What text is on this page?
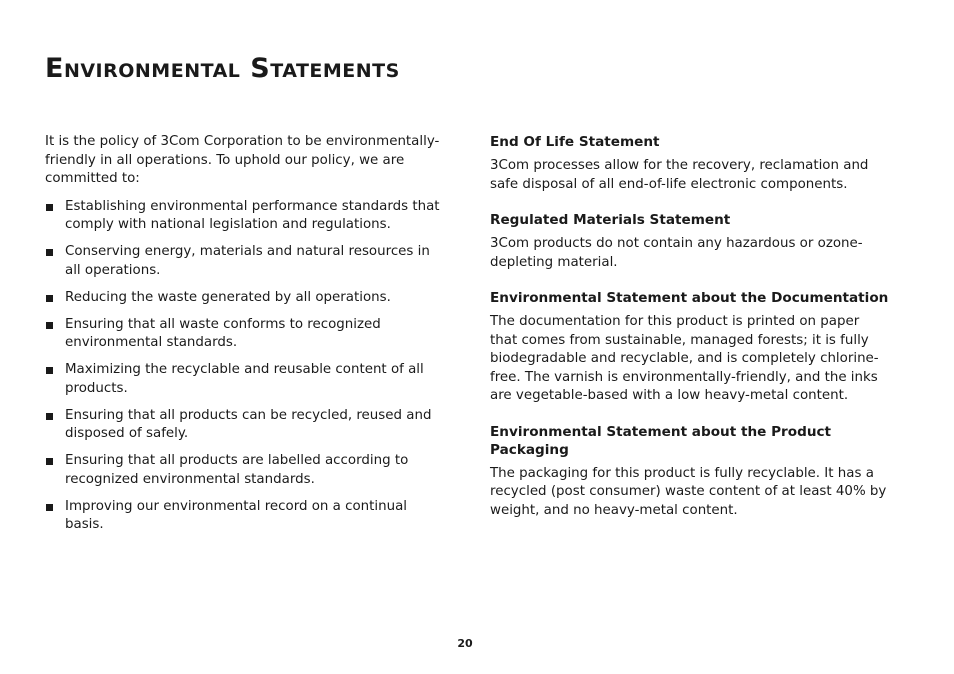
Environmental Statements

It is the policy of 3Com Corporation to be environmentally-friendly in all operations. To uphold our policy, we are committed to:

Establishing environmental performance standards that comply with national legislation and regulations.
Conserving energy, materials and natural resources in all operations.
Reducing the waste generated by all operations.
Ensuring that all waste conforms to recognized environmental standards.
Maximizing the recyclable and reusable content of all products.
Ensuring that all products can be recycled, reused and disposed of safely.
Ensuring that all products are labelled according to recognized environmental standards.
Improving our environmental record on a continual basis.
End Of Life Statement

3Com processes allow for the recovery, reclamation and safe disposal of all end-of-life electronic components.

Regulated Materials Statement

3Com products do not contain any hazardous or ozone-depleting material.

Environmental Statement about the Documentation

The documentation for this product is printed on paper that comes from sustainable, managed forests; it is fully biodegradable and recyclable, and is completely chlorine-free. The varnish is environmentally-friendly, and the inks are vegetable-based with a low heavy-metal content.

Environmental Statement about the Product Packaging

The packaging for this product is fully recyclable. It has a recycled (post consumer) waste content of at least 40% by weight, and no heavy-metal content.

20
